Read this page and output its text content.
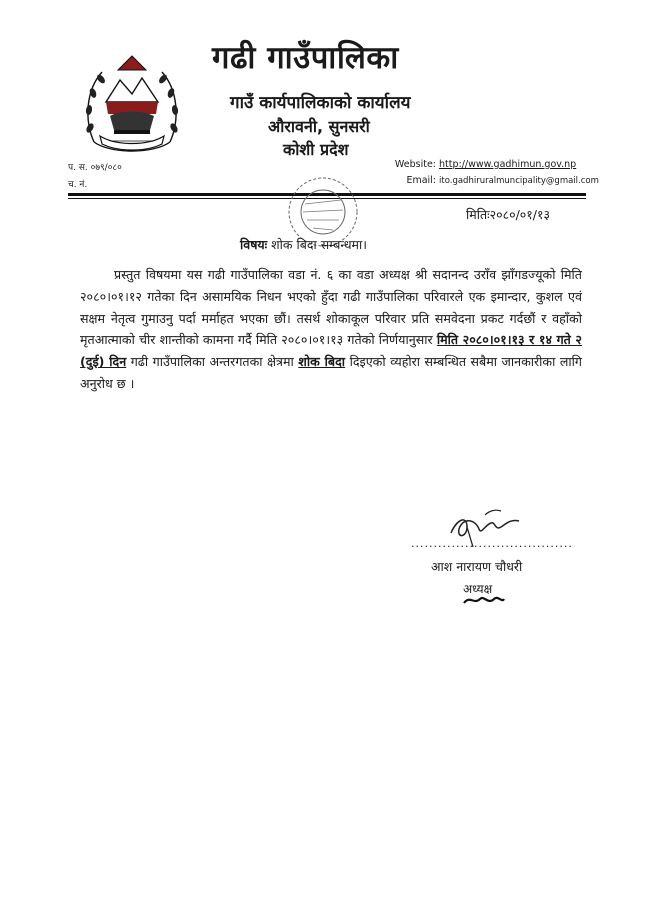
गढी गाउँपालिका
गाउँ कार्यपालिकाको कार्यालय
औरावनी, सुनसरी
कोशी प्रदेश
प. स. ०७९/०८०
च. नं.
Website: http://www.gadhimun.gov.np
Email: ito.gadhiruralmuncipality@gmail.com
मितिः२०८०/०१/१३
विषयः शोक बिदा सम्बन्धमा।
प्रस्तुत विषयमा यस गढी गाउँपालिका वडा नं. ६ का वडा अध्यक्ष श्री सदानन्द उराँव झाँगडज्यूको मिति २०८०।०१।१२ गतेका दिन असामयिक निधन भएको हुँदा गढी गाउँपालिका परिवारले एक इमान्दार, कुशल एवं सक्षम नेतृत्व गुमाउनु पर्दा मर्माहत भएका छौं। तसर्थ शोकाकूल परिवार प्रति समवेदना प्रकट गर्दछौं र वहाँको मृतआत्माको चीर शान्तीको कामना गर्दै मिति २०८०।०१।१३ गतेको निर्णयानुसार मिति २०८०।०१।१३ र १४ गते २ (दुई) दिन गढी गाउँपालिका अन्तरगतका क्षेत्रमा शोक बिदा दिइएको व्यहोरा सम्बन्धित सबैमा जानकारीका लागि अनुरोध छ ।
....................................
आश नारायण चौधरी
अध्यक्ष
